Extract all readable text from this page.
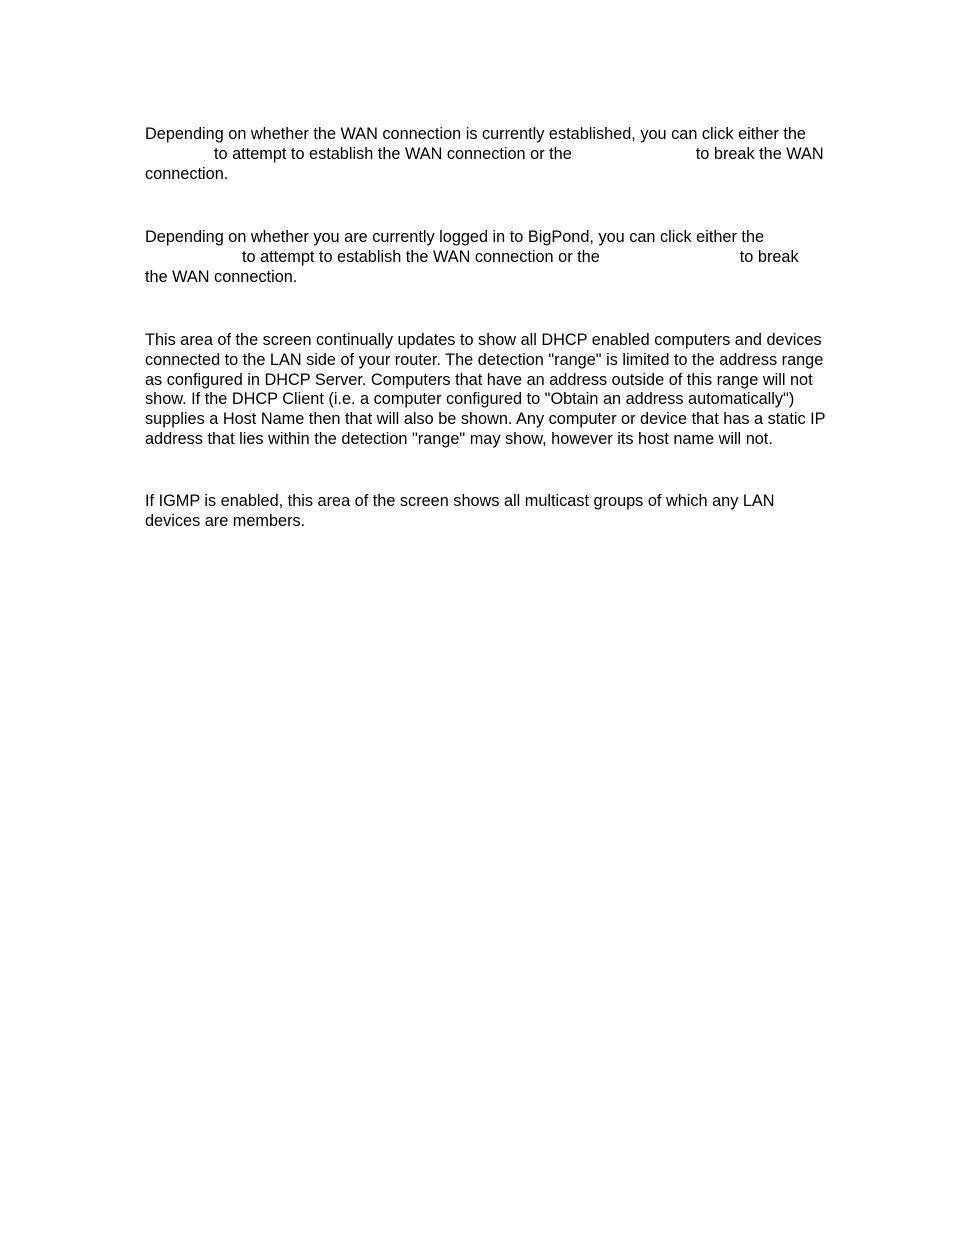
Depending on whether the WAN connection is currently established, you can click either the
to attempt to establish the WAN connection or the	to break the WAN
connection.

Depending on whether you are currently logged in to BigPond, you can click either the
to attempt to establish the WAN connection or the	to break
the WAN connection.

This area of the screen continually updates to show all DHCP enabled computers and devices
connected to the LAN side of your router. The detection "range" is limited to the address range
as configured in DHCP Server. Computers that have an address outside of this range will not
show. If the DHCP Client (i.e. a computer configured to "Obtain an address automatically")
supplies a Host Name then that will also be shown. Any computer or device that has a static IP
address that lies within the detection "range" may show, however its host name will not.

If IGMP is enabled, this area of the screen shows all multicast groups of which any LAN
devices are members.
